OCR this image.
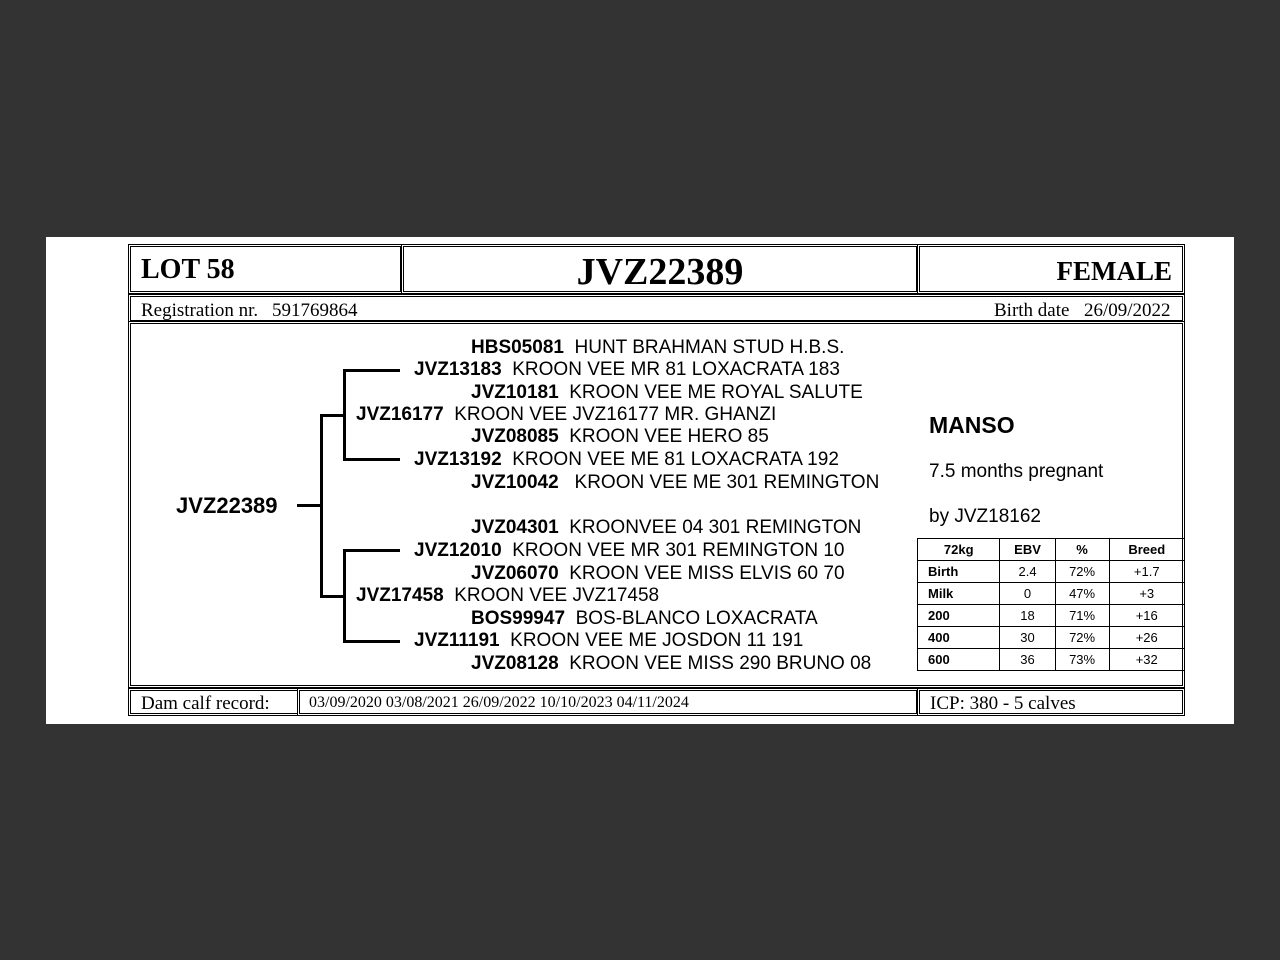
LOT 58	JVZ22389	FEMALE
Registration nr. 591769864	Birth date 26/09/2022
JVZ22389
HBS05081 HUNT BRAHMAN STUD H.B.S.
JVZ13183 KROON VEE MR 81 LOXACRATA 183
JVZ10181 KROON VEE ME ROYAL SALUTE
JVZ16177 KROON VEE JVZ16177 MR. GHANZI
JVZ08085 KROON VEE HERO 85
JVZ13192 KROON VEE ME 81 LOXACRATA 192
JVZ10042 KROON VEE ME 301 REMINGTON
JVZ04301 KROONVEE 04 301 REMINGTON
JVZ12010 KROON VEE MR 301 REMINGTON 10
JVZ06070 KROON VEE MISS ELVIS 60 70
JVZ17458 KROON VEE JVZ17458
BOS99947 BOS-BLANCO LOXACRATA
JVZ11191 KROON VEE ME JOSDON 11 191
JVZ08128 KROON VEE MISS 290 BRUNO 08
MANSO
7.5 months pregnant
by JVZ18162
72kg	EBV	%	Breed
Birth	2.4	72%	+1.7
Milk	0	47%	+3
200	18	71%	+16
400	30	72%	+26
600	36	73%	+32
Dam calf record: 03/09/2020 03/08/2021 26/09/2022 10/10/2023 04/11/2024	ICP: 380 - 5 calves
